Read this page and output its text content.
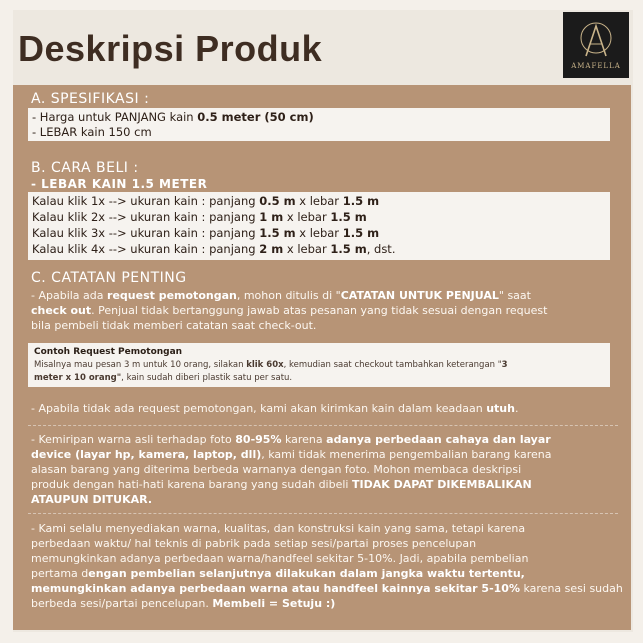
Deskripsi Produk	AMAFELLA
A. SPESIFIKASI :
- Harga untuk PANJANG kain 0.5 meter (50 cm)
- LEBAR kain 150 cm
B. CARA BELI :
- LEBAR KAIN 1.5 METER
Kalau klik 1x --> ukuran kain : panjang 0.5 m x lebar 1.5 m
Kalau klik 2x --> ukuran kain : panjang 1 m x lebar 1.5 m
Kalau klik 3x --> ukuran kain : panjang 1.5 m x lebar 1.5 m
Kalau klik 4x --> ukuran kain : panjang 2 m x lebar 1.5 m, dst.
C. CATATAN PENTING
- Apabila ada request pemotongan, mohon ditulis di "CATATAN UNTUK PENJUAL" saat
check out. Penjual tidak bertanggung jawab atas pesanan yang tidak sesuai dengan request
bila pembeli tidak memberi catatan saat check-out.
Contoh Request Pemotongan
Misalnya mau pesan 3 m untuk 10 orang, silakan klik 60x, kemudian saat checkout tambahkan keterangan "3
meter x 10 orang", kain sudah diberi plastik satu per satu.
- Apabila tidak ada request pemotongan, kami akan kirimkan kain dalam keadaan utuh.
- Kemiripan warna asli terhadap foto 80-95% karena adanya perbedaan cahaya dan layar
device (layar hp, kamera, laptop, dll), kami tidak menerima pengembalian barang karena
alasan barang yang diterima berbeda warnanya dengan foto. Mohon membaca deskripsi
produk dengan hati-hati karena barang yang sudah dibeli TIDAK DAPAT DIKEMBALIKAN
ATAUPUN DITUKAR.
- Kami selalu menyediakan warna, kualitas, dan konstruksi kain yang sama, tetapi karena
perbedaan waktu/ hal teknis di pabrik pada setiap sesi/partai proses pencelupan
memungkinkan adanya perbedaan warna/handfeel sekitar 5-10%. Jadi, apabila pembelian
pertama dengan pembelian selanjutnya dilakukan dalam jangka waktu tertentu,
memungkinkan adanya perbedaan warna atau handfeel kainnya sekitar 5-10% karena sesi sudah
berbeda sesi/partai pencelupan. Membeli = Setuju :)
